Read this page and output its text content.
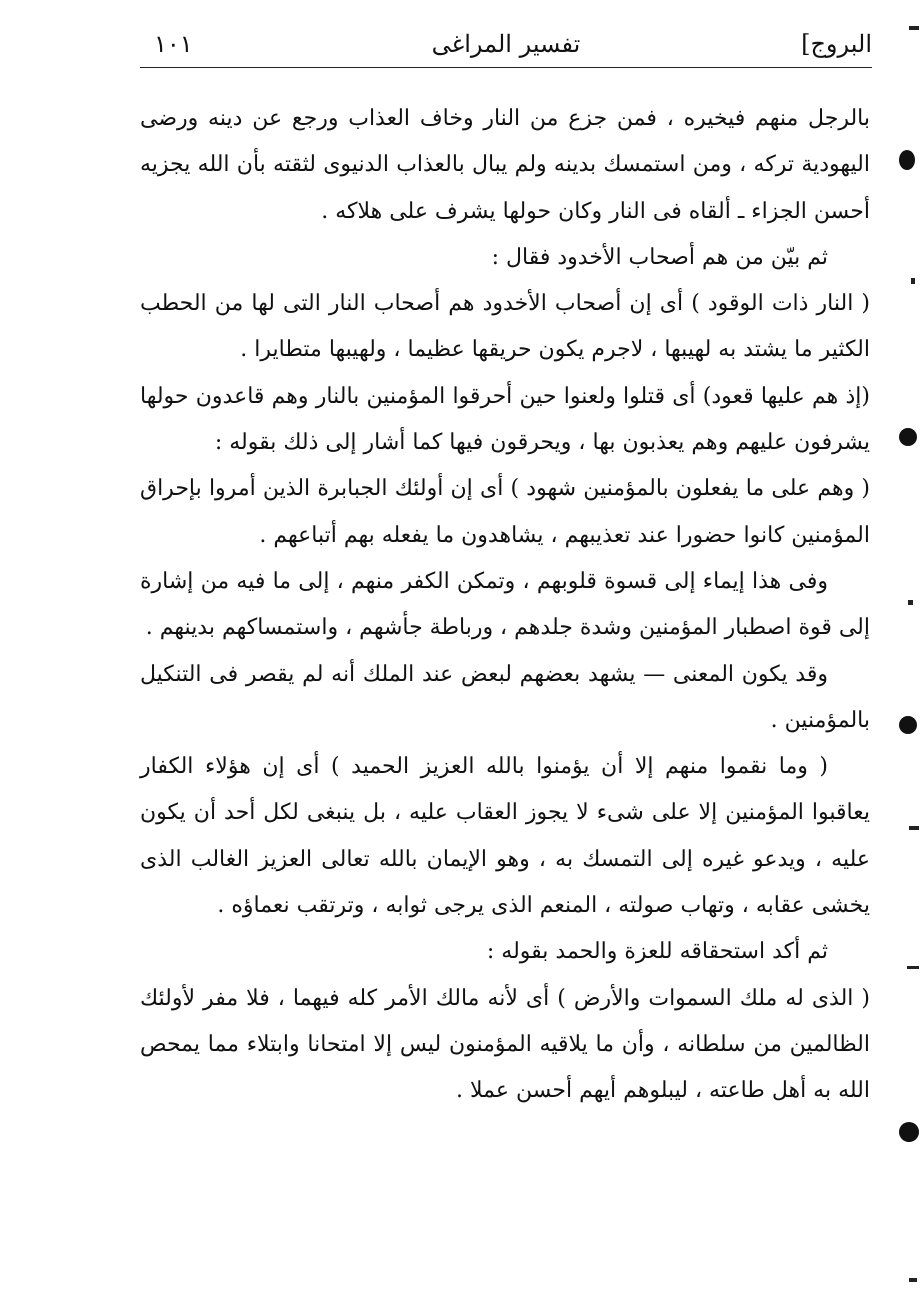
البروج]
تفسير المراغى
١٠١

بالرجل منهم فيخيره ، فمن جزع من النار وخاف العذاب ورجع عن دينه ورضى اليهودية تركه ، ومن استمسك بدينه ولم يبال بالعذاب الدنيوى لثقته بأن الله يجزيه أحسن الجزاء ـ ألقاه فى النار وكان حولها يشرف على هلاكه .

ثم بيّن من هم أصحاب الأخدود فقال :

( النار ذات الوقود ) أى إن أصحاب الأخدود هم أصحاب النار التى لها من الحطب الكثير ما يشتد به لهيبها ، لاجرم يكون حريقها عظيما ، ولهيبها متطايرا .

(إذ هم عليها قعود) أى قتلوا ولعنوا حين أحرقوا المؤمنين بالنار وهم قاعدون حولها يشرفون عليهم وهم يعذبون بها ، ويحرقون فيها كما أشار إلى ذلك بقوله :

( وهم على ما يفعلون بالمؤمنين شهود ) أى إن أولئك الجبابرة الذين أمروا بإحراق المؤمنين كانوا حضورا عند تعذيبهم ، يشاهدون ما يفعله بهم أتباعهم .

وفى هذا إيماء إلى قسوة قلوبهم ، وتمكن الكفر منهم ، إلى ما فيه من إشارة إلى قوة اصطبار المؤمنين وشدة جلدهم ، ورباطة جأشهم ، واستمساكهم بدينهم .

وقد يكون المعنى — يشهد بعضهم لبعض عند الملك أنه لم يقصر فى التنكيل بالمؤمنين .

( وما نقموا منهم إلا أن يؤمنوا بالله العزيز الحميد ) أى إن هؤلاء الكفار يعاقبوا المؤمنين إلا على شىء لا يجوز العقاب عليه ، بل ينبغى لكل أحد أن يكون عليه ، ويدعو غيره إلى التمسك به ، وهو الإيمان بالله تعالى العزيز الغالب الذى يخشى عقابه ، وتهاب صولته ، المنعم الذى يرجى ثوابه ، وترتقب نعماؤه .

ثم أكد استحقاقه للعزة والحمد بقوله :

( الذى له ملك السموات والأرض ) أى لأنه مالك الأمر كله فيهما ، فلا مفر لأولئك الظالمين من سلطانه ، وأن ما يلاقيه المؤمنون ليس إلا امتحانا وابتلاء مما يمحص الله به أهل طاعته ، ليبلوهم أيهم أحسن عملا .
